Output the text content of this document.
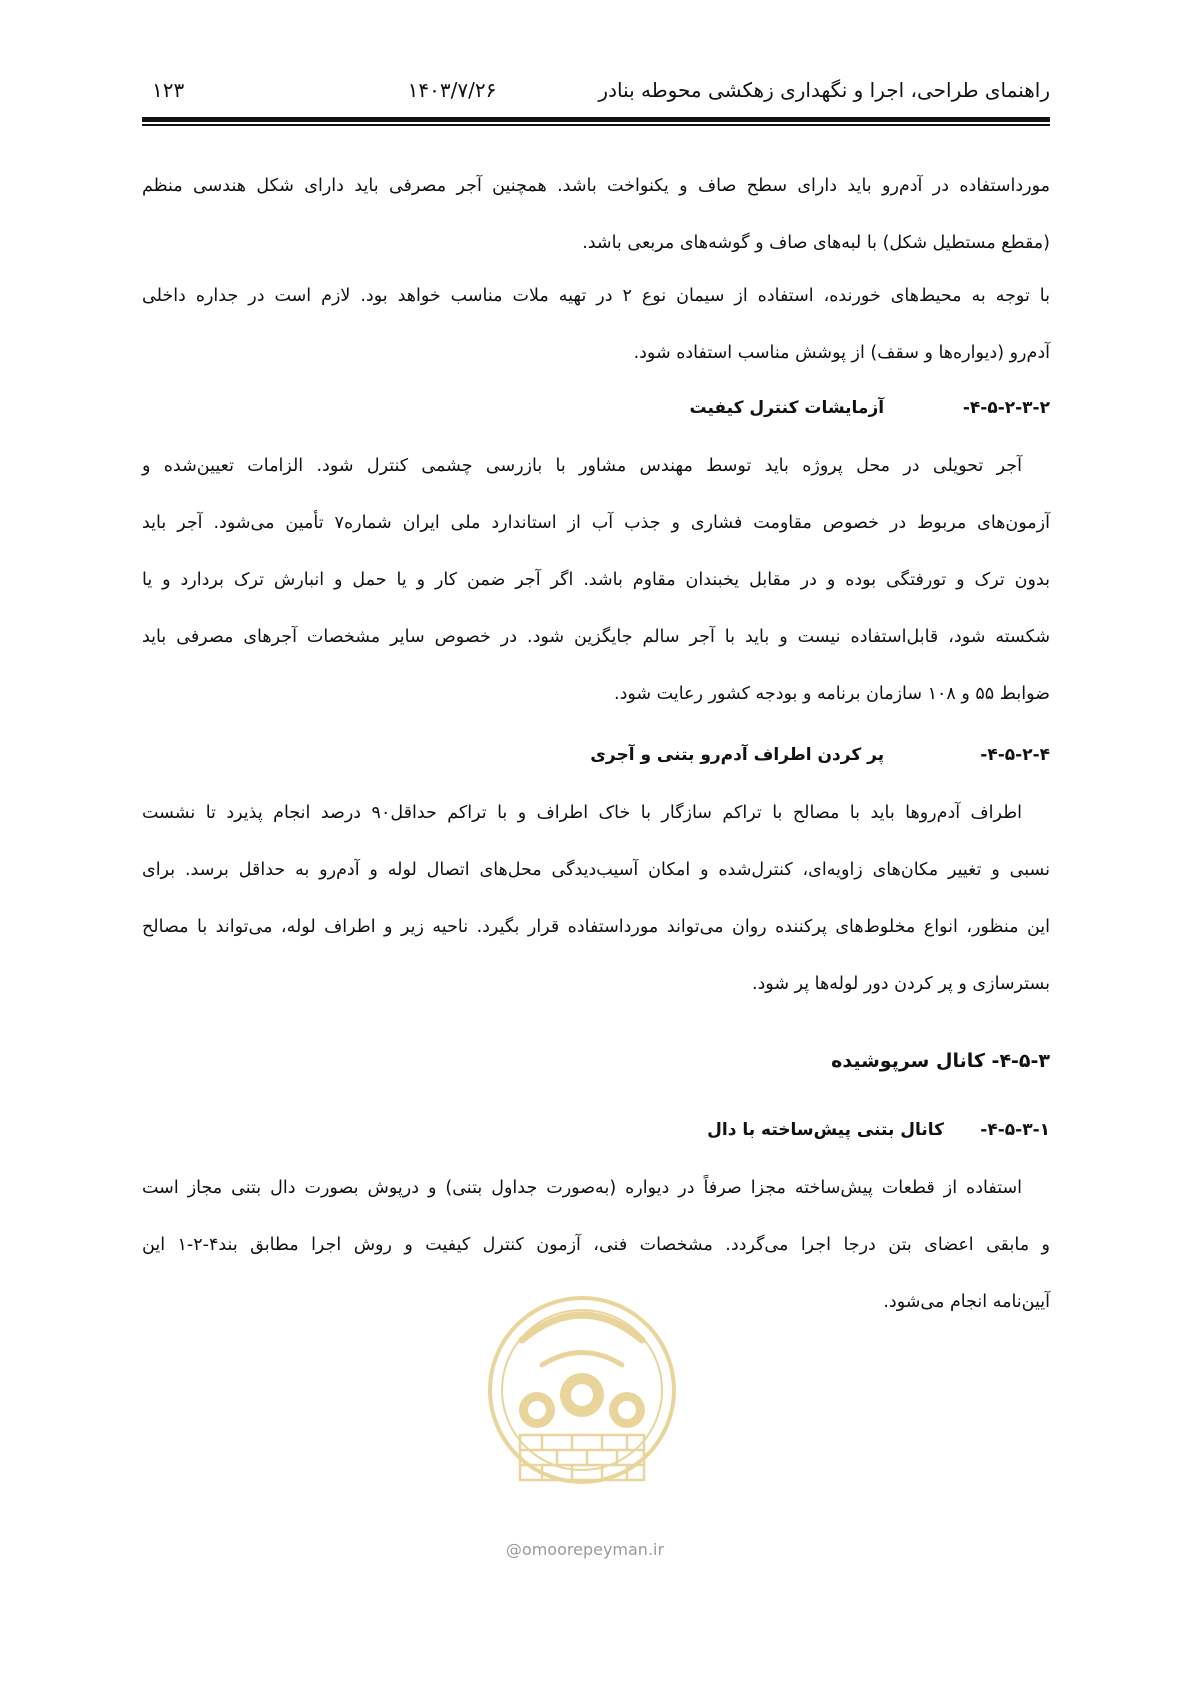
راهنمای طراحی، اجرا و نگهداری زهکشی محوطه بنادر
۱۴۰۳/۷/۲۶
۱۲۳

مورداستفاده در آدم‌رو باید دارای سطح صاف و یکنواخت باشد. همچنین آجر مصرفی باید دارای شکل هندسی منظم
(مقطع مستطیل شکل) با لبه‌های صاف و گوشه‌های مربعی باشد.

با توجه به محیط‌های خورنده، استفاده از سیمان نوع ۲ در تهیه ملات مناسب خواهد بود. لازم است در جداره داخلی
آدم‌رو (دیواره‌ها و سقف) از پوشش مناسب استفاده شود.

۴-۵-۲-۳-۲- آزمایشات کنترل کیفیت

آجر تحویلی در محل پروژه باید توسط مهندس مشاور با بازرسی چشمی کنترل شود. الزامات تعیین‌شده و
آزمون‌های مربوط در خصوص مقاومت فشاری و جذب آب از استاندارد ملی ایران شماره۷ تأمین می‌شود. آجر باید
بدون ترک و تورفتگی بوده و در مقابل یخبندان مقاوم باشد. اگر آجر ضمن کار و یا حمل و انبارش ترک بردارد و یا
شکسته شود، قابل‌استفاده نیست و باید با آجر سالم جایگزین شود. در خصوص سایر مشخصات آجرهای مصرفی باید
ضوابط ۵۵ و ۱۰۸ سازمان برنامه و بودجه کشور رعایت شود.

۴-۵-۲-۴- پر کردن اطراف آدم‌رو بتنی و آجری

اطراف آدم‌روها باید با مصالح با تراکم سازگار با خاک اطراف و با تراکم حداقل۹۰ درصد انجام پذیرد تا نشست
نسبی و تغییر مکان‌های زاویه‌ای، کنترل‌شده و امکان آسیب‌دیدگی محل‌های اتصال لوله و آدم‌رو به حداقل برسد. برای
این منظور، انواع مخلوط‌های پرکننده روان می‌تواند مورداستفاده قرار بگیرد. ناحیه زیر و اطراف لوله، می‌تواند با مصالح
بسترسازی و پر کردن دور لوله‌ها پر شود.

۴-۵-۳- کانال سرپوشیده

۴-۵-۳-۱- کانال بتنی پیش‌ساخته با دال

استفاده از قطعات پیش‌ساخته مجزا صرفاً در دیواره (به‌صورت جداول بتنی) و درپوش بصورت دال بتنی مجاز است
و مابقی اعضای بتن درجا اجرا می‌گردد. مشخصات فنی، آزمون کنترل کیفیت و روش اجرا مطابق بند۴-۲-۱ این
آیین‌نامه انجام می‌شود.

@omoorepeyman.ir
